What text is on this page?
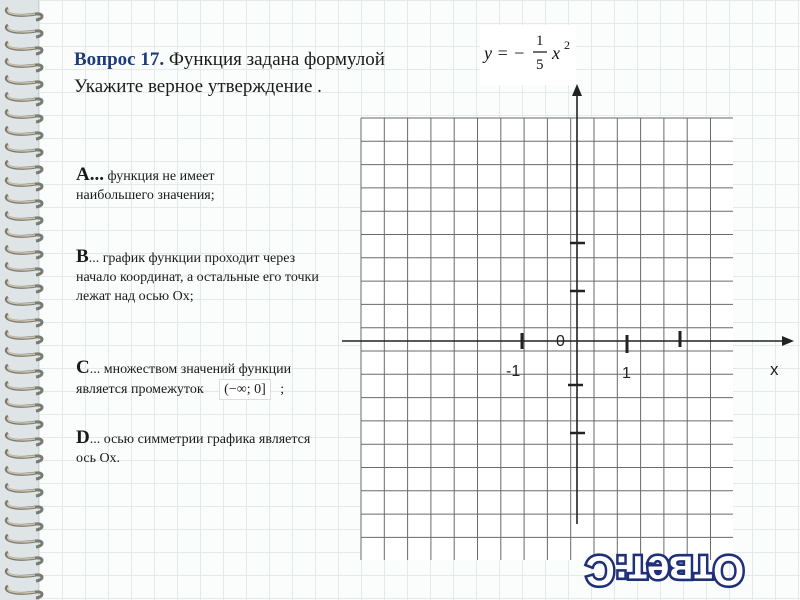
Вопрос 17. Функция задана формулой
Укажите верное утверждение .
y = −
1
5
x 2
0
-1	1	x
А... функция не имеет
наибольшего значения;
В... график функции проходит через
начало координат, а остальные его точки
лежат над осью Ох;
С... множеством значений функции
является промежуток (−∞; 0] ;
D... осью симметрии графика является
ось Ох.
Ответ:С
